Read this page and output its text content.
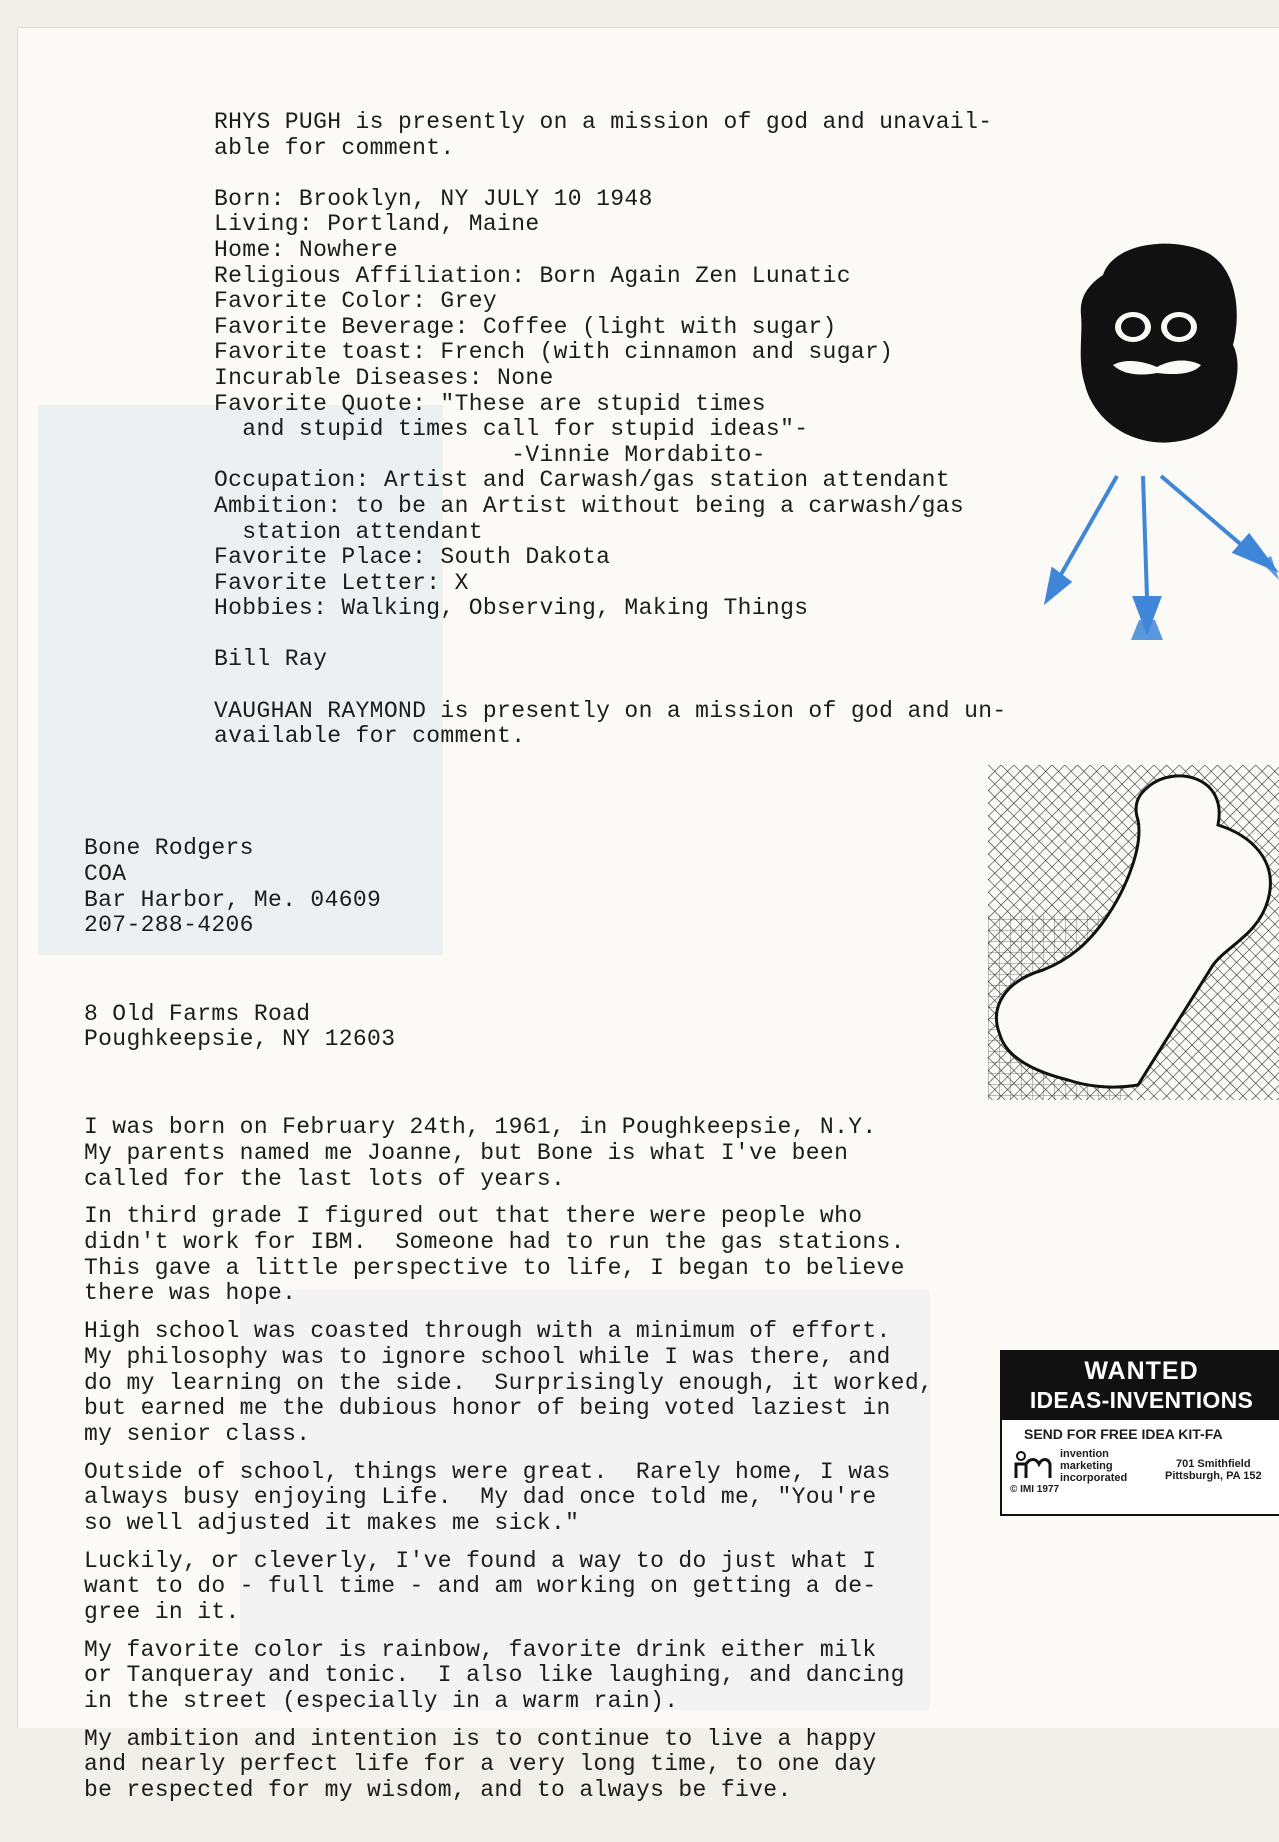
RHYS PUGH is presently on a mission of god and unavail-
able for comment.
Born: Brooklyn, NY JULY 10 1948
Living: Portland, Maine
Home: Nowhere
Religious Affiliation: Born Again Zen Lunatic
Favorite Color: Grey
Favorite Beverage: Coffee (light with sugar)
Favorite toast: French (with cinnamon and sugar)
Incurable Diseases: None
Favorite Quote: "These are stupid times
and stupid times call for stupid ideas"-
-Vinnie Mordabito-
Occupation: Artist and Carwash/gas station attendant
Ambition: to be an Artist without being a carwash/gas
station attendant
Favorite Place: South Dakota
Favorite Letter: X
Hobbies: Walking, Observing, Making Things
Bill Ray
VAUGHAN RAYMOND is presently on a mission of god and un-
available for comment.

Bone Rodgers
COA
Bar Harbor, Me. 04609
207-288-4206

8 Old Farms Road
Poughkeepsie, NY 12603

I was born on February 24th, 1961, in Poughkeepsie, N.Y.
My parents named me Joanne, but Bone is what I've been
called for the last lots of years.
In third grade I figured out that there were people who
didn't work for IBM.  Someone had to run the gas stations.
This gave a little perspective to life, I began to believe
there was hope.
High school was coasted through with a minimum of effort.
My philosophy was to ignore school while I was there, and
do my learning on the side.  Surprisingly enough, it worked,
but earned me the dubious honor of being voted laziest in
my senior class.
Outside of school, things were great.  Rarely home, I was
always busy enjoying Life.  My dad once told me, "You're
so well adjusted it makes me sick."
Luckily, or cleverly, I've found a way to do just what I
want to do - full time - and am working on getting a de-
gree in it.
My favorite color is rainbow, favorite drink either milk
or Tanqueray and tonic.  I also like laughing, and dancing
in the street (especially in a warm rain).
My ambition and intention is to continue to live a happy
and nearly perfect life for a very long time, to one day
be respected for my wisdom, and to always be five.

WANTED
IDEAS-INVENTIONS
SEND FOR FREE IDEA KIT-FA
invention
marketing
incorporated
701 Smithfield
Pittsburgh, PA 152
© IMI 1977
